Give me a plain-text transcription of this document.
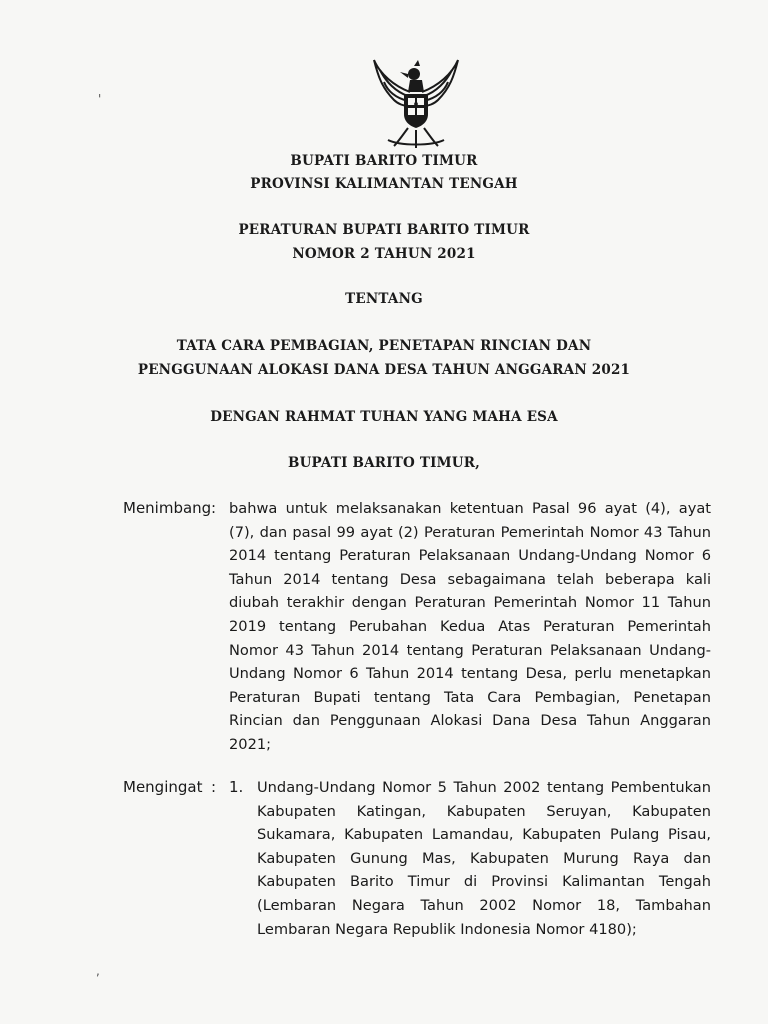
BUPATI BARITO TIMUR
PROVINSI KALIMANTAN TENGAH
PERATURAN BUPATI BARITO TIMUR
NOMOR 2 TAHUN 2021
TENTANG
TATA CARA PEMBAGIAN, PENETAPAN RINCIAN DAN
PENGGUNAAN ALOKASI DANA DESA TAHUN ANGGARAN 2021
DENGAN RAHMAT TUHAN YANG MAHA ESA
BUPATI BARITO TIMUR,
Menimbang : bahwa untuk melaksanakan ketentuan Pasal 96 ayat (4), ayat (7), dan pasal 99 ayat (2) Peraturan Pemerintah Nomor 43 Tahun 2014 tentang Peraturan Pelaksanaan Undang-Undang Nomor 6 Tahun 2014 tentang Desa sebagaimana telah beberapa kali diubah terakhir dengan Peraturan Pemerintah Nomor 11 Tahun 2019 tentang Perubahan Kedua Atas Peraturan Pemerintah Nomor 43 Tahun 2014 tentang Peraturan Pelaksanaan Undang-Undang Nomor 6 Tahun 2014 tentang Desa, perlu menetapkan Peraturan Bupati tentang Tata Cara Pembagian, Penetapan Rincian dan Penggunaan Alokasi Dana Desa Tahun Anggaran 2021;

Mengingat : 1. Undang-Undang Nomor 5 Tahun 2002 tentang Pembentukan Kabupaten Katingan, Kabupaten Seruyan, Kabupaten Sukamara, Kabupaten Lamandau, Kabupaten Pulang Pisau, Kabupaten Gunung Mas, Kabupaten Murung Raya dan Kabupaten Barito Timur di Provinsi Kalimantan Tengah (Lembaran Negara Tahun 2002 Nomor 18, Tambahan Lembaran Negara Republik Indonesia Nomor 4180);

'
,
